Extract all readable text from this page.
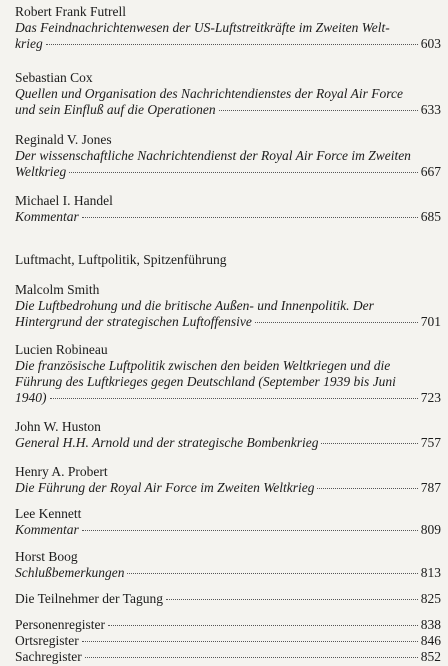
Robert Frank Futrell
Das Feindnachrichtenwesen der US-Luftstreitkräfte im Zweiten Welt-
krieg	603
Sebastian Cox
Quellen und Organisation des Nachrichtendienstes der Royal Air Force
und sein Einfluß auf die Operationen	633
Reginald V. Jones
Der wissenschaftliche Nachrichtendienst der Royal Air Force im Zweiten
Weltkrieg	667
Michael I. Handel
Kommentar	685
Luftmacht, Luftpolitik, Spitzenführung
Malcolm Smith
Die Luftbedrohung und die britische Außen- und Innenpolitik. Der
Hintergrund der strategischen Luftoffensive	701
Lucien Robineau
Die französische Luftpolitik zwischen den beiden Weltkriegen und die
Führung des Luftkrieges gegen Deutschland (September 1939 bis Juni
1940)	723
John W. Huston
General H.H. Arnold und der strategische Bombenkrieg	757
Henry A. Probert
Die Führung der Royal Air Force im Zweiten Weltkrieg	787
Lee Kennett
Kommentar	809
Horst Boog
Schlußbemerkungen	813
Die Teilnehmer der Tagung	825
Personenregister	838
Ortsregister	846
Sachregister	852
